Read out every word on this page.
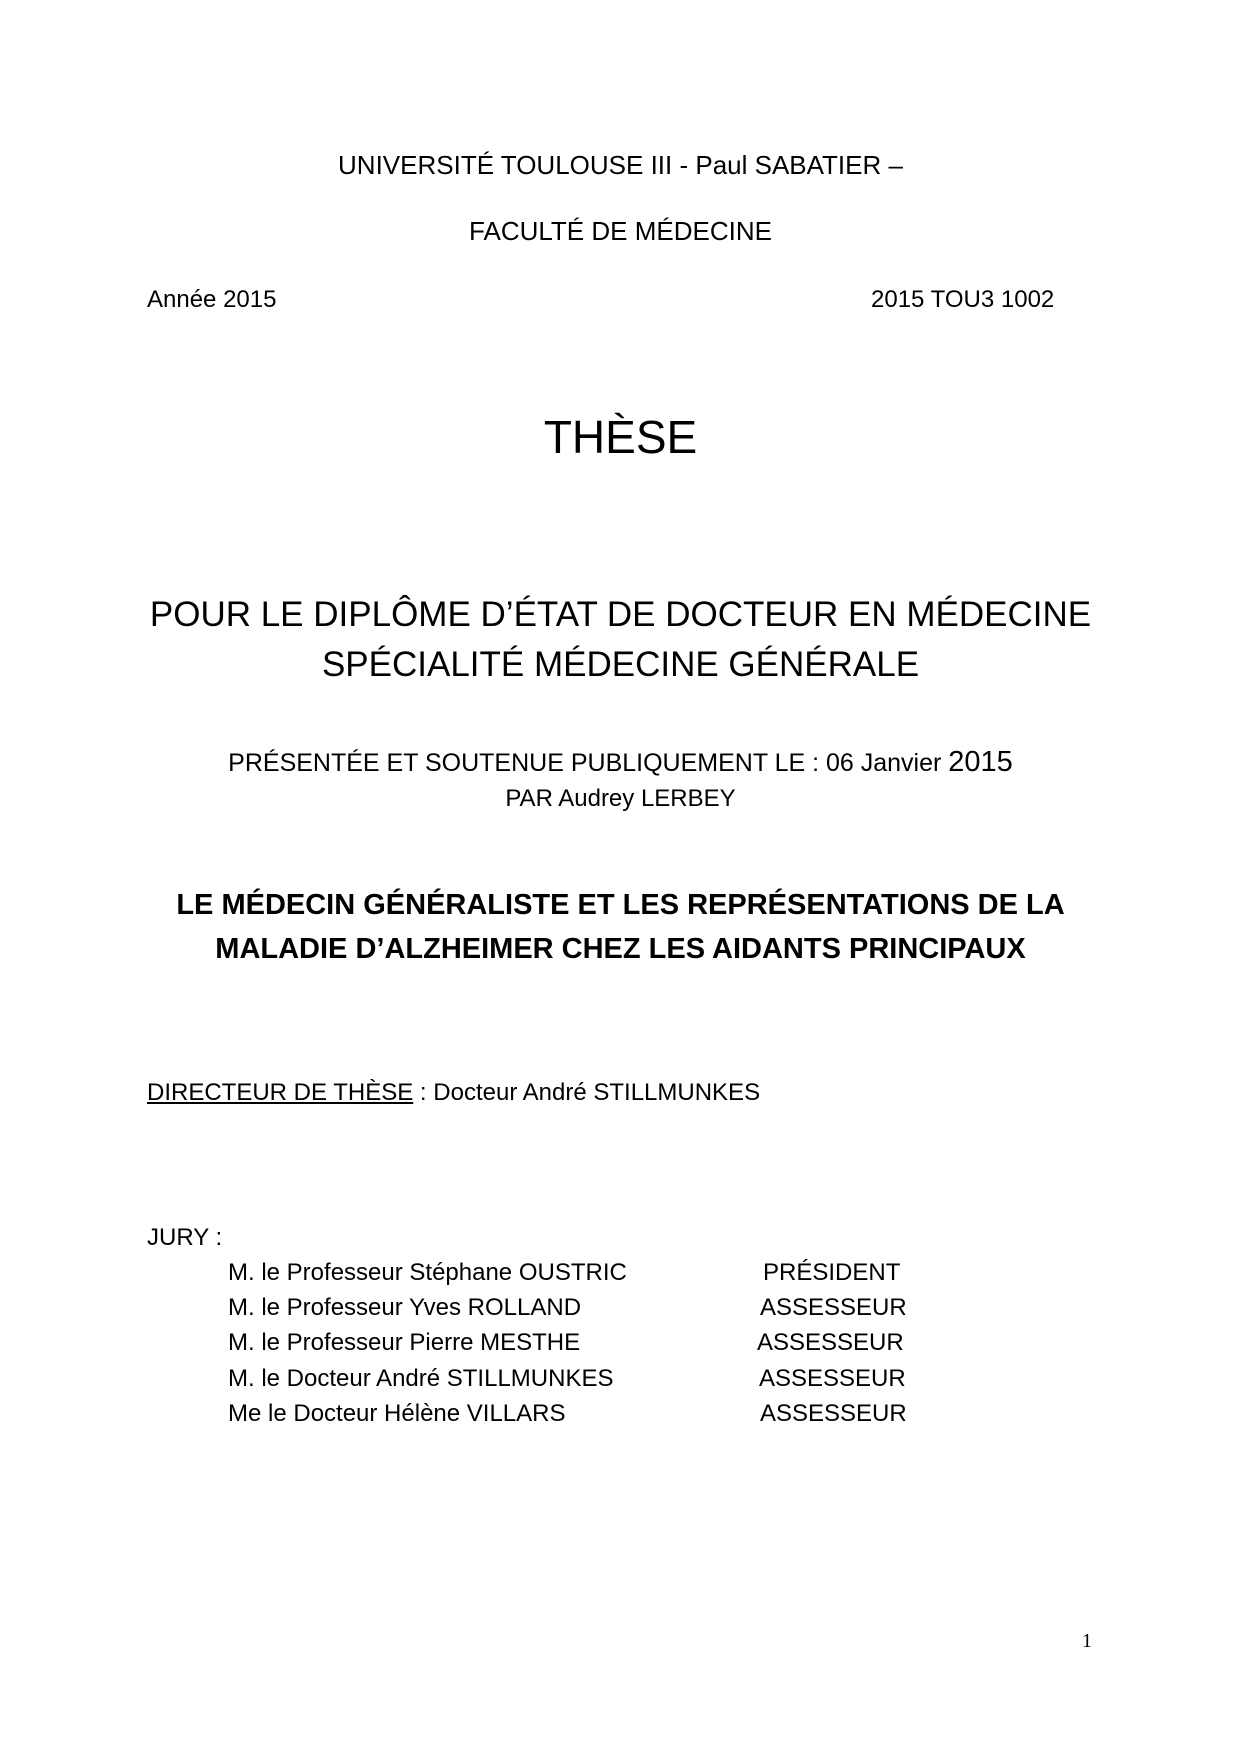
UNIVERSITÉ TOULOUSE III - Paul SABATIER –
FACULTÉ DE MÉDECINE
Année 2015	2015 TOU3 1002
THÈSE
POUR LE DIPLÔME D’ÉTAT DE DOCTEUR EN MÉDECINE
SPÉCIALITÉ MÉDECINE GÉNÉRALE
PRÉSENTÉE ET SOUTENUE PUBLIQUEMENT LE : 06 Janvier 2015
PAR Audrey LERBEY
LE MÉDECIN GÉNÉRALISTE ET LES REPRÉSENTATIONS DE LA
MALADIE D’ALZHEIMER CHEZ LES AIDANTS PRINCIPAUX
DIRECTEUR DE THÈSE : Docteur André STILLMUNKES
JURY :
M. le Professeur Stéphane OUSTRIC	PRÉSIDENT
M. le Professeur Yves ROLLAND	ASSESSEUR
M. le Professeur Pierre MESTHE	ASSESSEUR
M. le Docteur André STILLMUNKES	ASSESSEUR
Me le Docteur Hélène VILLARS	ASSESSEUR
1
